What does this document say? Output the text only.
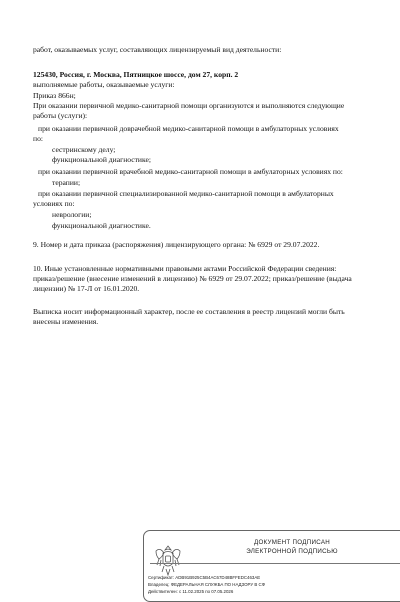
работ, оказываемых услуг, составляющих лицензируемый вид деятельности:
125430, Россия, г. Москва, Пятницкое шоссе, дом 27, корп. 2
выполняемые работы, оказываемые услуги:
Приказ 866н;
При оказании первичной медико-санитарной помощи организуются и выполняются следующие
работы (услуги):
при оказании первичной доврачебной медико-санитарной помощи в амбулаторных условиях
по:
сестринскому делу;
функциональной диагностике;
при оказании первичной врачебной медико-санитарной помощи в амбулаторных условиях по:
терапии;
при оказании первичной специализированной медико-санитарной помощи в амбулаторных
условиях по:
неврологии;
функциональной диагностике.
9. Номер и дата приказа (распоряжения) лицензирующего органа: № 6929 от 29.07.2022.
10. Иные установленные нормативными правовыми актами Российской Федерации сведения:
приказ/решение (внесение изменений в лицензию) № 6929 от 29.07.2022; приказ/решение (выдача
лицензии) № 17-Л от 16.01.2020.
Выписка носит информационный характер, после ее составления в реестр лицензий могли быть
внесены изменения.
ДОКУМЕНТ ПОДПИСАН
ЭЛЕКТРОННОЙ ПОДПИСЬЮ
Сертификат: ADB91B925C5B4AC67D48BFFEDC463AE
Владелец: ФЕДЕРАЛЬНАЯ СЛУЖБА ПО НАДЗОРУ В СФ
Действителен: с 11.02.2025 по 07.05.2026
